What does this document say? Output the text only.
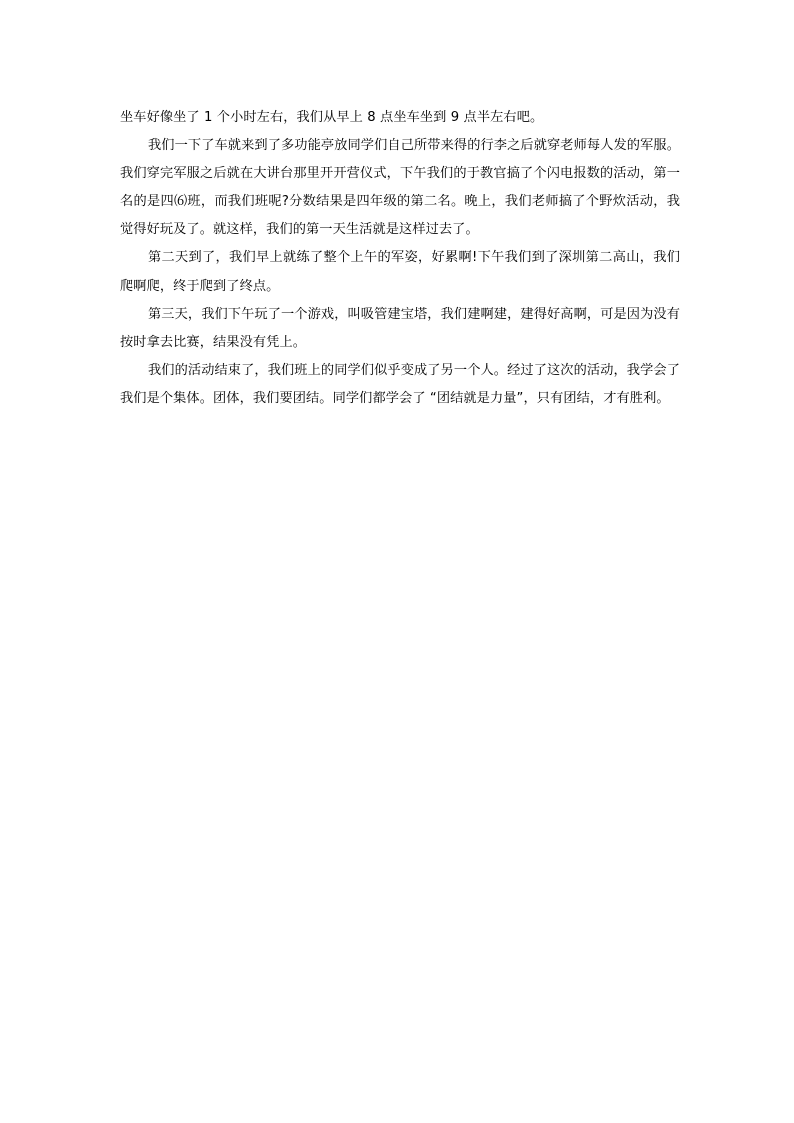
坐车好像坐了 1 个小时左右，我们从早上 8 点坐车坐到 9 点半左右吧。

我们一下了车就来到了多功能亭放同学们自己所带来得的行李之后就穿老师每人发的军服。我们穿完军服之后就在大讲台那里开开营仪式，下午我们的于教官搞了个闪电报数的活动，第一名的是四⑹班，而我们班呢?分数结果是四年级的第二名。晚上，我们老师搞了个野炊活动，我觉得好玩及了。就这样，我们的第一天生活就是这样过去了。

第二天到了，我们早上就练了整个上午的军姿，好累啊!下午我们到了深圳第二高山，我们爬啊爬，终于爬到了终点。

第三天，我们下午玩了一个游戏，叫吸管建宝塔，我们建啊建，建得好高啊，可是因为没有按时拿去比赛，结果没有凭上。

我们的活动结束了，我们班上的同学们似乎变成了另一个人。经过了这次的活动，我学会了我们是个集体。团体，我们要团结。同学们都学会了 “团结就是力量”，只有团结，才有胜利。
